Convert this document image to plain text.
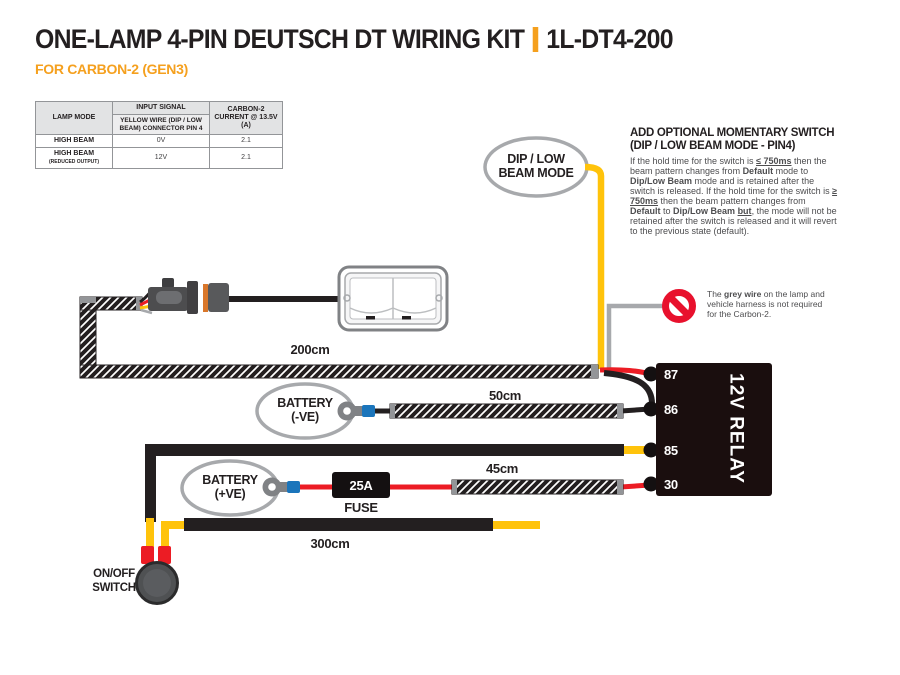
ONE-LAMP 4-PIN DEUTSCH DT WIRING KIT 1L-DT4-200
FOR CARBON-2 (GEN3)
LAMP MODE	INPUT SIGNAL	CARBON-2 CURRENT @ 13.5V (A)
	YELLOW WIRE (DIP / LOW BEAM) CONNECTOR PIN 4	
HIGH BEAM	0V	2.1
HIGH BEAM
(REDUCED OUTPUT)	12V	2.1
ADD OPTIONAL MOMENTARY SWITCH
(DIP / LOW BEAM MODE - PIN4)
If the hold time for the switch is ≤ 750ms then the beam pattern changes from Default mode to Dip/Low Beam mode and is retained after the switch is released. If the hold time for the switch is ≥ 750ms then the beam pattern changes from Default to Dip/Low Beam but, the mode will not be retained after the switch is released and it will revert to the previous state (default).
The grey wire on the lamp and vehicle harness is not required for the Carbon-2.
DIP / LOW
BEAM MODE
200cm
50cm
45cm
300cm
BATTERY
(-VE)
BATTERY
(+VE)
25A
FUSE
ON/OFF
SWITCH
87
86
85
30
12V RELAY
